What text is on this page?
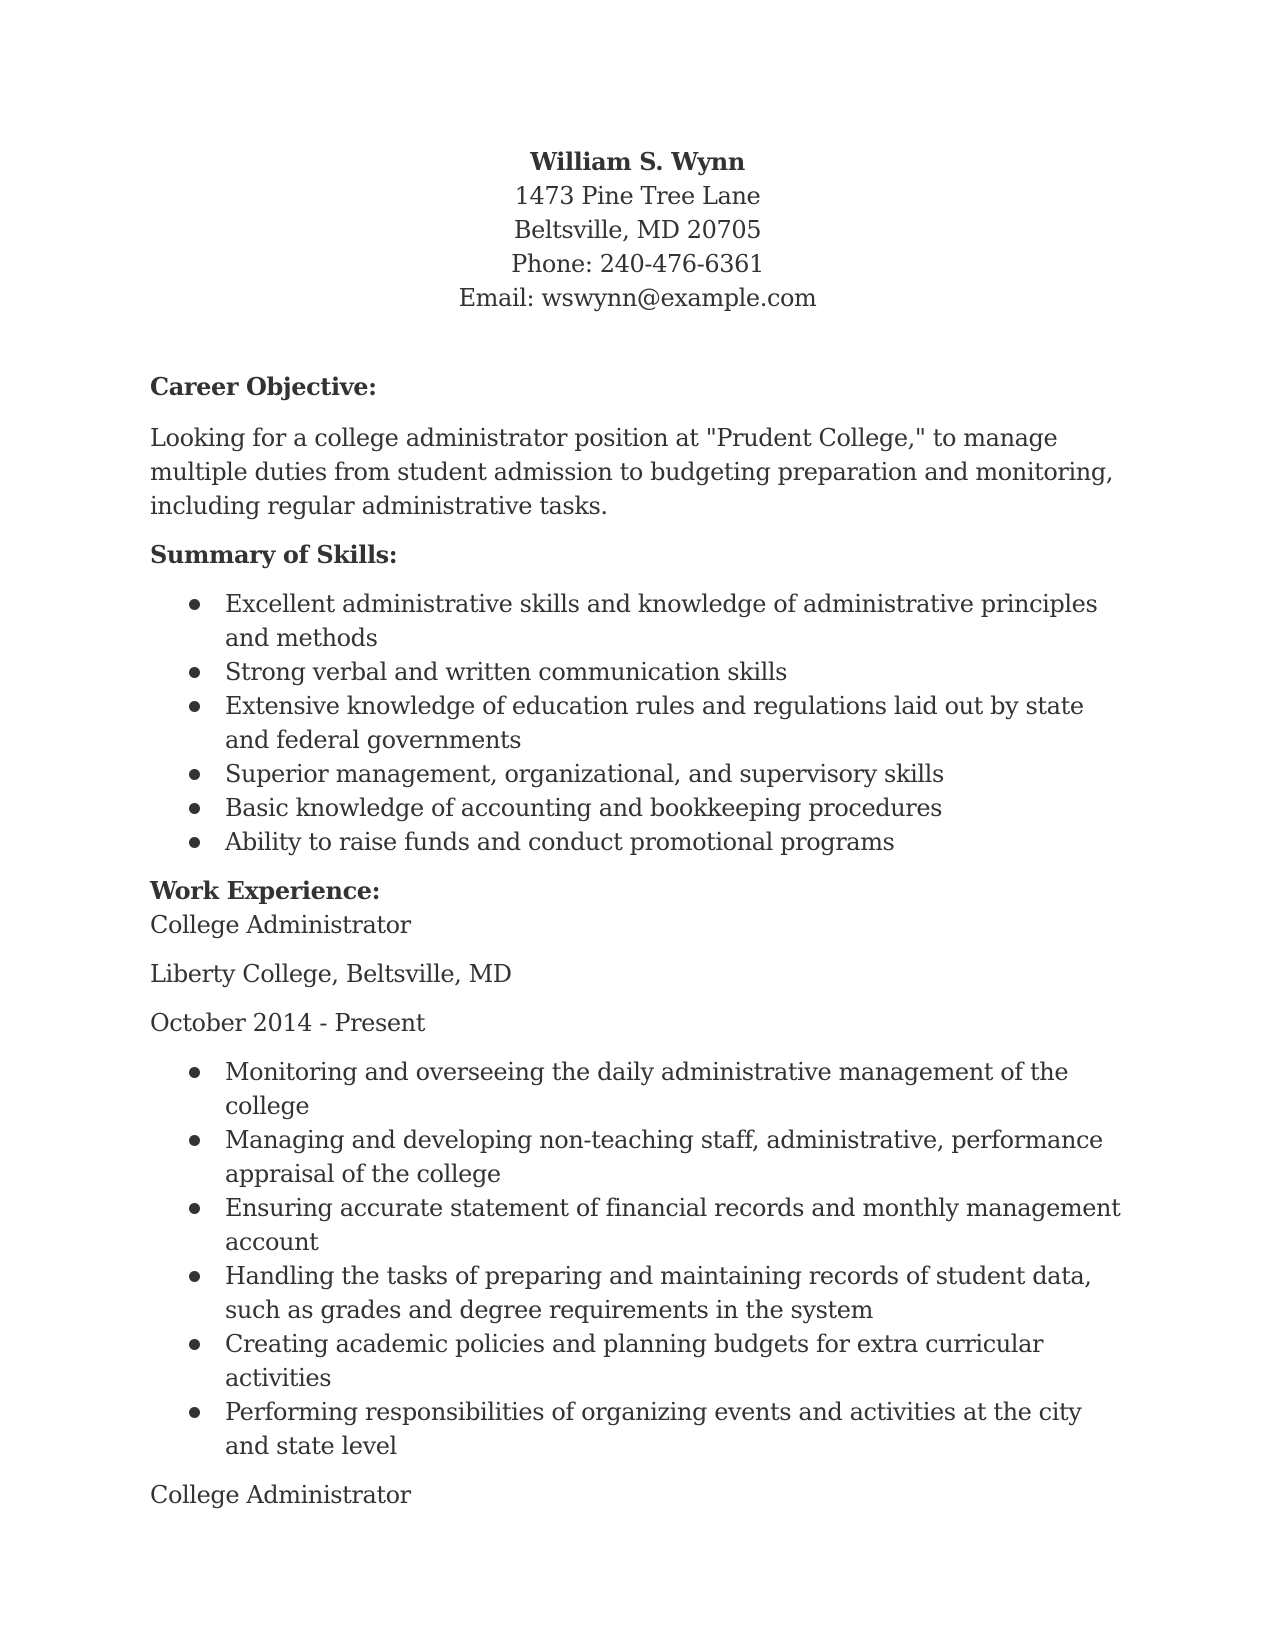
William S. Wynn
1473 Pine Tree Lane
Beltsville, MD 20705
Phone: 240-476-6361
Email: wswynn@example.com
Career Objective:

Looking for a college administrator position at "Prudent College," to manage multiple duties from student admission to budgeting preparation and monitoring, including regular administrative tasks.

Summary of Skills:
Excellent administrative skills and knowledge of administrative principles and methods
Strong verbal and written communication skills
Extensive knowledge of education rules and regulations laid out by state and federal governments
Superior management, organizational, and supervisory skills
Basic knowledge of accounting and bookkeeping procedures
Ability to raise funds and conduct promotional programs
Work Experience:
College Administrator
Liberty College, Beltsville, MD
October 2014 - Present
Monitoring and overseeing the daily administrative management of the college
Managing and developing non-teaching staff, administrative, performance appraisal of the college
Ensuring accurate statement of financial records and monthly management account
Handling the tasks of preparing and maintaining records of student data, such as grades and degree requirements in the system
Creating academic policies and planning budgets for extra curricular activities
Performing responsibilities of organizing events and activities at the city and state level
College Administrator
